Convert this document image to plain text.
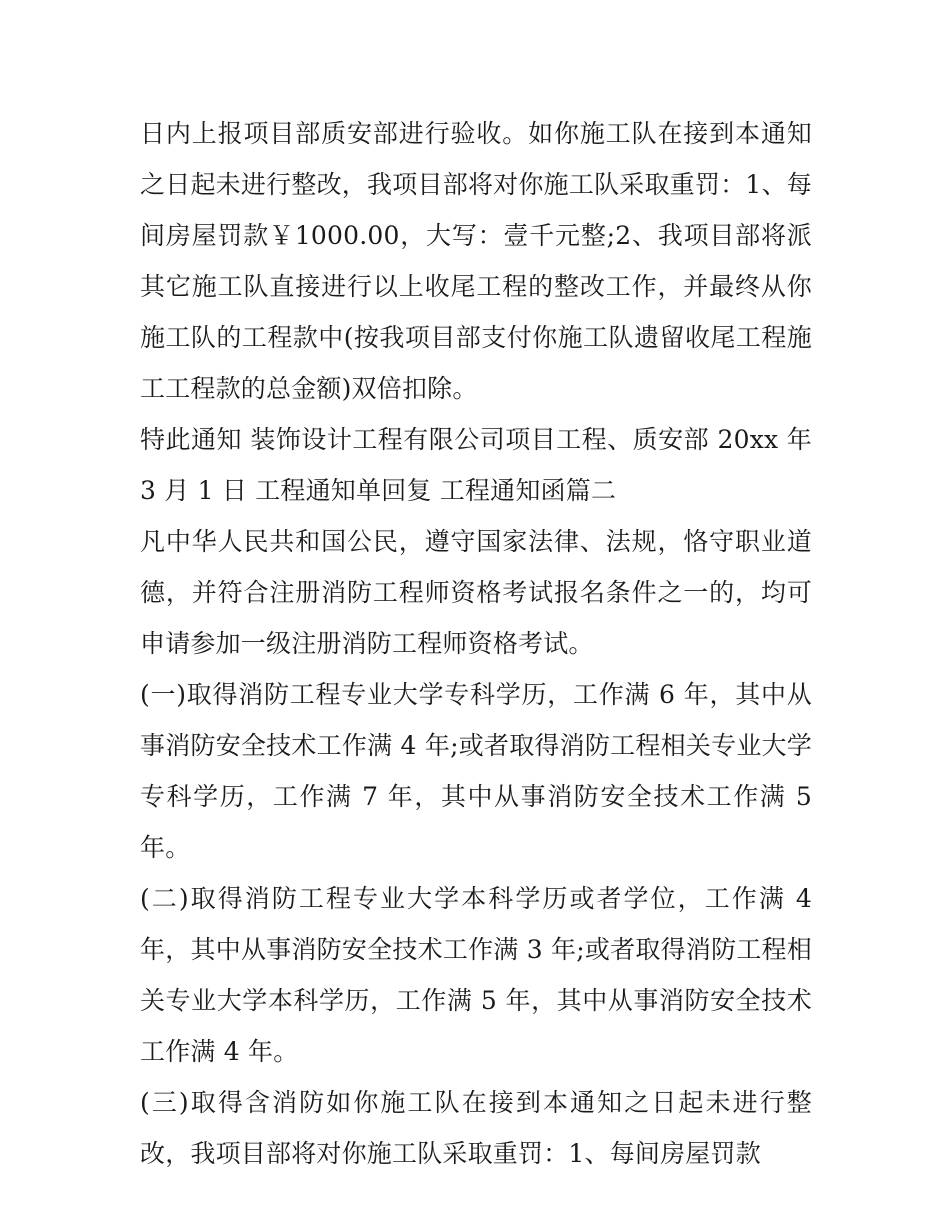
日内上报项目部质安部进行验收。如你施工队在接到本通知之日起未进行整改，我项目部将对你施工队采取重罚：1、每间房屋罚款￥1000.00，大写：壹千元整;2、我项目部将派其它施工队直接进行以上收尾工程的整改工作，并最终从你施工队的工程款中(按我项目部支付你施工队遗留收尾工程施工工程款的总金额)双倍扣除。

特此通知 装饰设计工程有限公司项目工程、质安部 20xx 年 3 月 1 日 工程通知单回复 工程通知函篇二

凡中华人民共和国公民，遵守国家法律、法规，恪守职业道德，并符合注册消防工程师资格考试报名条件之一的，均可申请参加一级注册消防工程师资格考试。

(一)取得消防工程专业大学专科学历，工作满 6 年，其中从事消防安全技术工作满 4 年;或者取得消防工程相关专业大学专科学历，工作满 7 年，其中从事消防安全技术工作满 5 年。

(二)取得消防工程专业大学本科学历或者学位，工作满 4 年，其中从事消防安全技术工作满 3 年;或者取得消防工程相关专业大学本科学历，工作满 5 年，其中从事消防安全技术工作满 4 年。

(三)取得含消防如你施工队在接到本通知之日起未进行整改，我项目部将对你施工队采取重罚：1、每间房屋罚款
